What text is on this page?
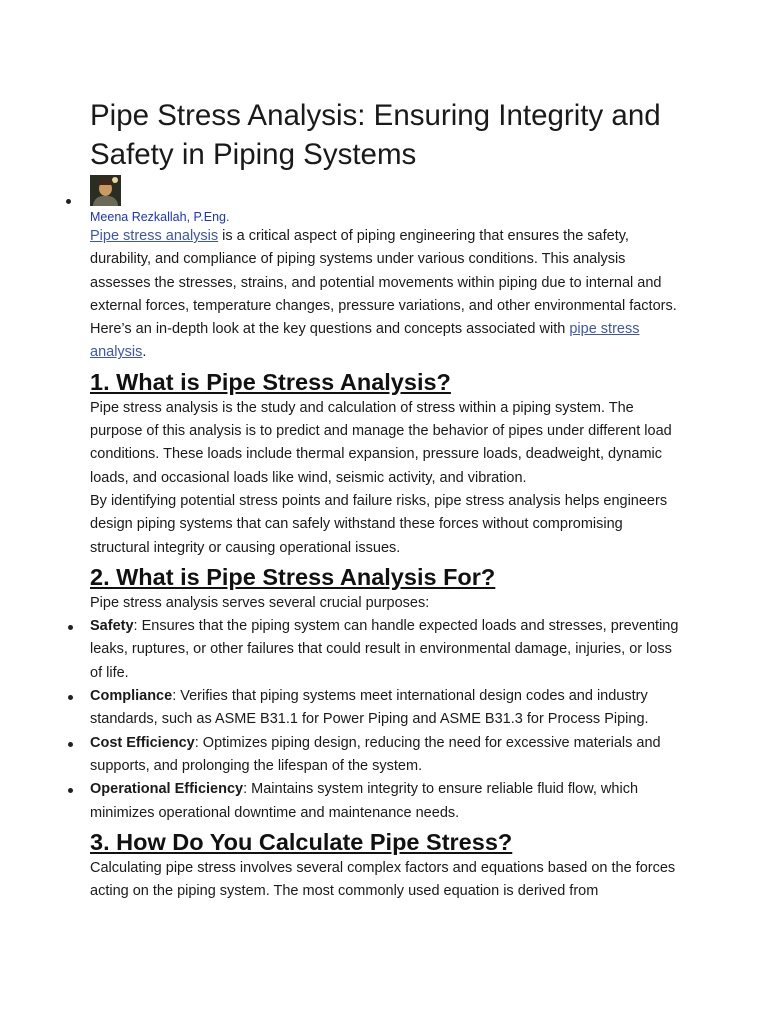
Pipe Stress Analysis: Ensuring Integrity and Safety in Piping Systems
Meena Rezkallah, P.Eng.

Pipe stress analysis is a critical aspect of piping engineering that ensures the safety, durability, and compliance of piping systems under various conditions. This analysis assesses the stresses, strains, and potential movements within piping due to internal and external forces, temperature changes, pressure variations, and other environmental factors. Here’s an in-depth look at the key questions and concepts associated with pipe stress analysis.

1. What is Pipe Stress Analysis?

Pipe stress analysis is the study and calculation of stress within a piping system. The purpose of this analysis is to predict and manage the behavior of pipes under different load conditions. These loads include thermal expansion, pressure loads, deadweight, dynamic loads, and occasional loads like wind, seismic activity, and vibration.

By identifying potential stress points and failure risks, pipe stress analysis helps engineers design piping systems that can safely withstand these forces without compromising structural integrity or causing operational issues.

2. What is Pipe Stress Analysis For?

Pipe stress analysis serves several crucial purposes:

Safety: Ensures that the piping system can handle expected loads and stresses, preventing leaks, ruptures, or other failures that could result in environmental damage, injuries, or loss of life.
Compliance: Verifies that piping systems meet international design codes and industry standards, such as ASME B31.1 for Power Piping and ASME B31.3 for Process Piping.
Cost Efficiency: Optimizes piping design, reducing the need for excessive materials and supports, and prolonging the lifespan of the system.
Operational Efficiency: Maintains system integrity to ensure reliable fluid flow, which minimizes operational downtime and maintenance needs.
3. How Do You Calculate Pipe Stress?

Calculating pipe stress involves several complex factors and equations based on the forces acting on the piping system. The most commonly used equation is derived from
